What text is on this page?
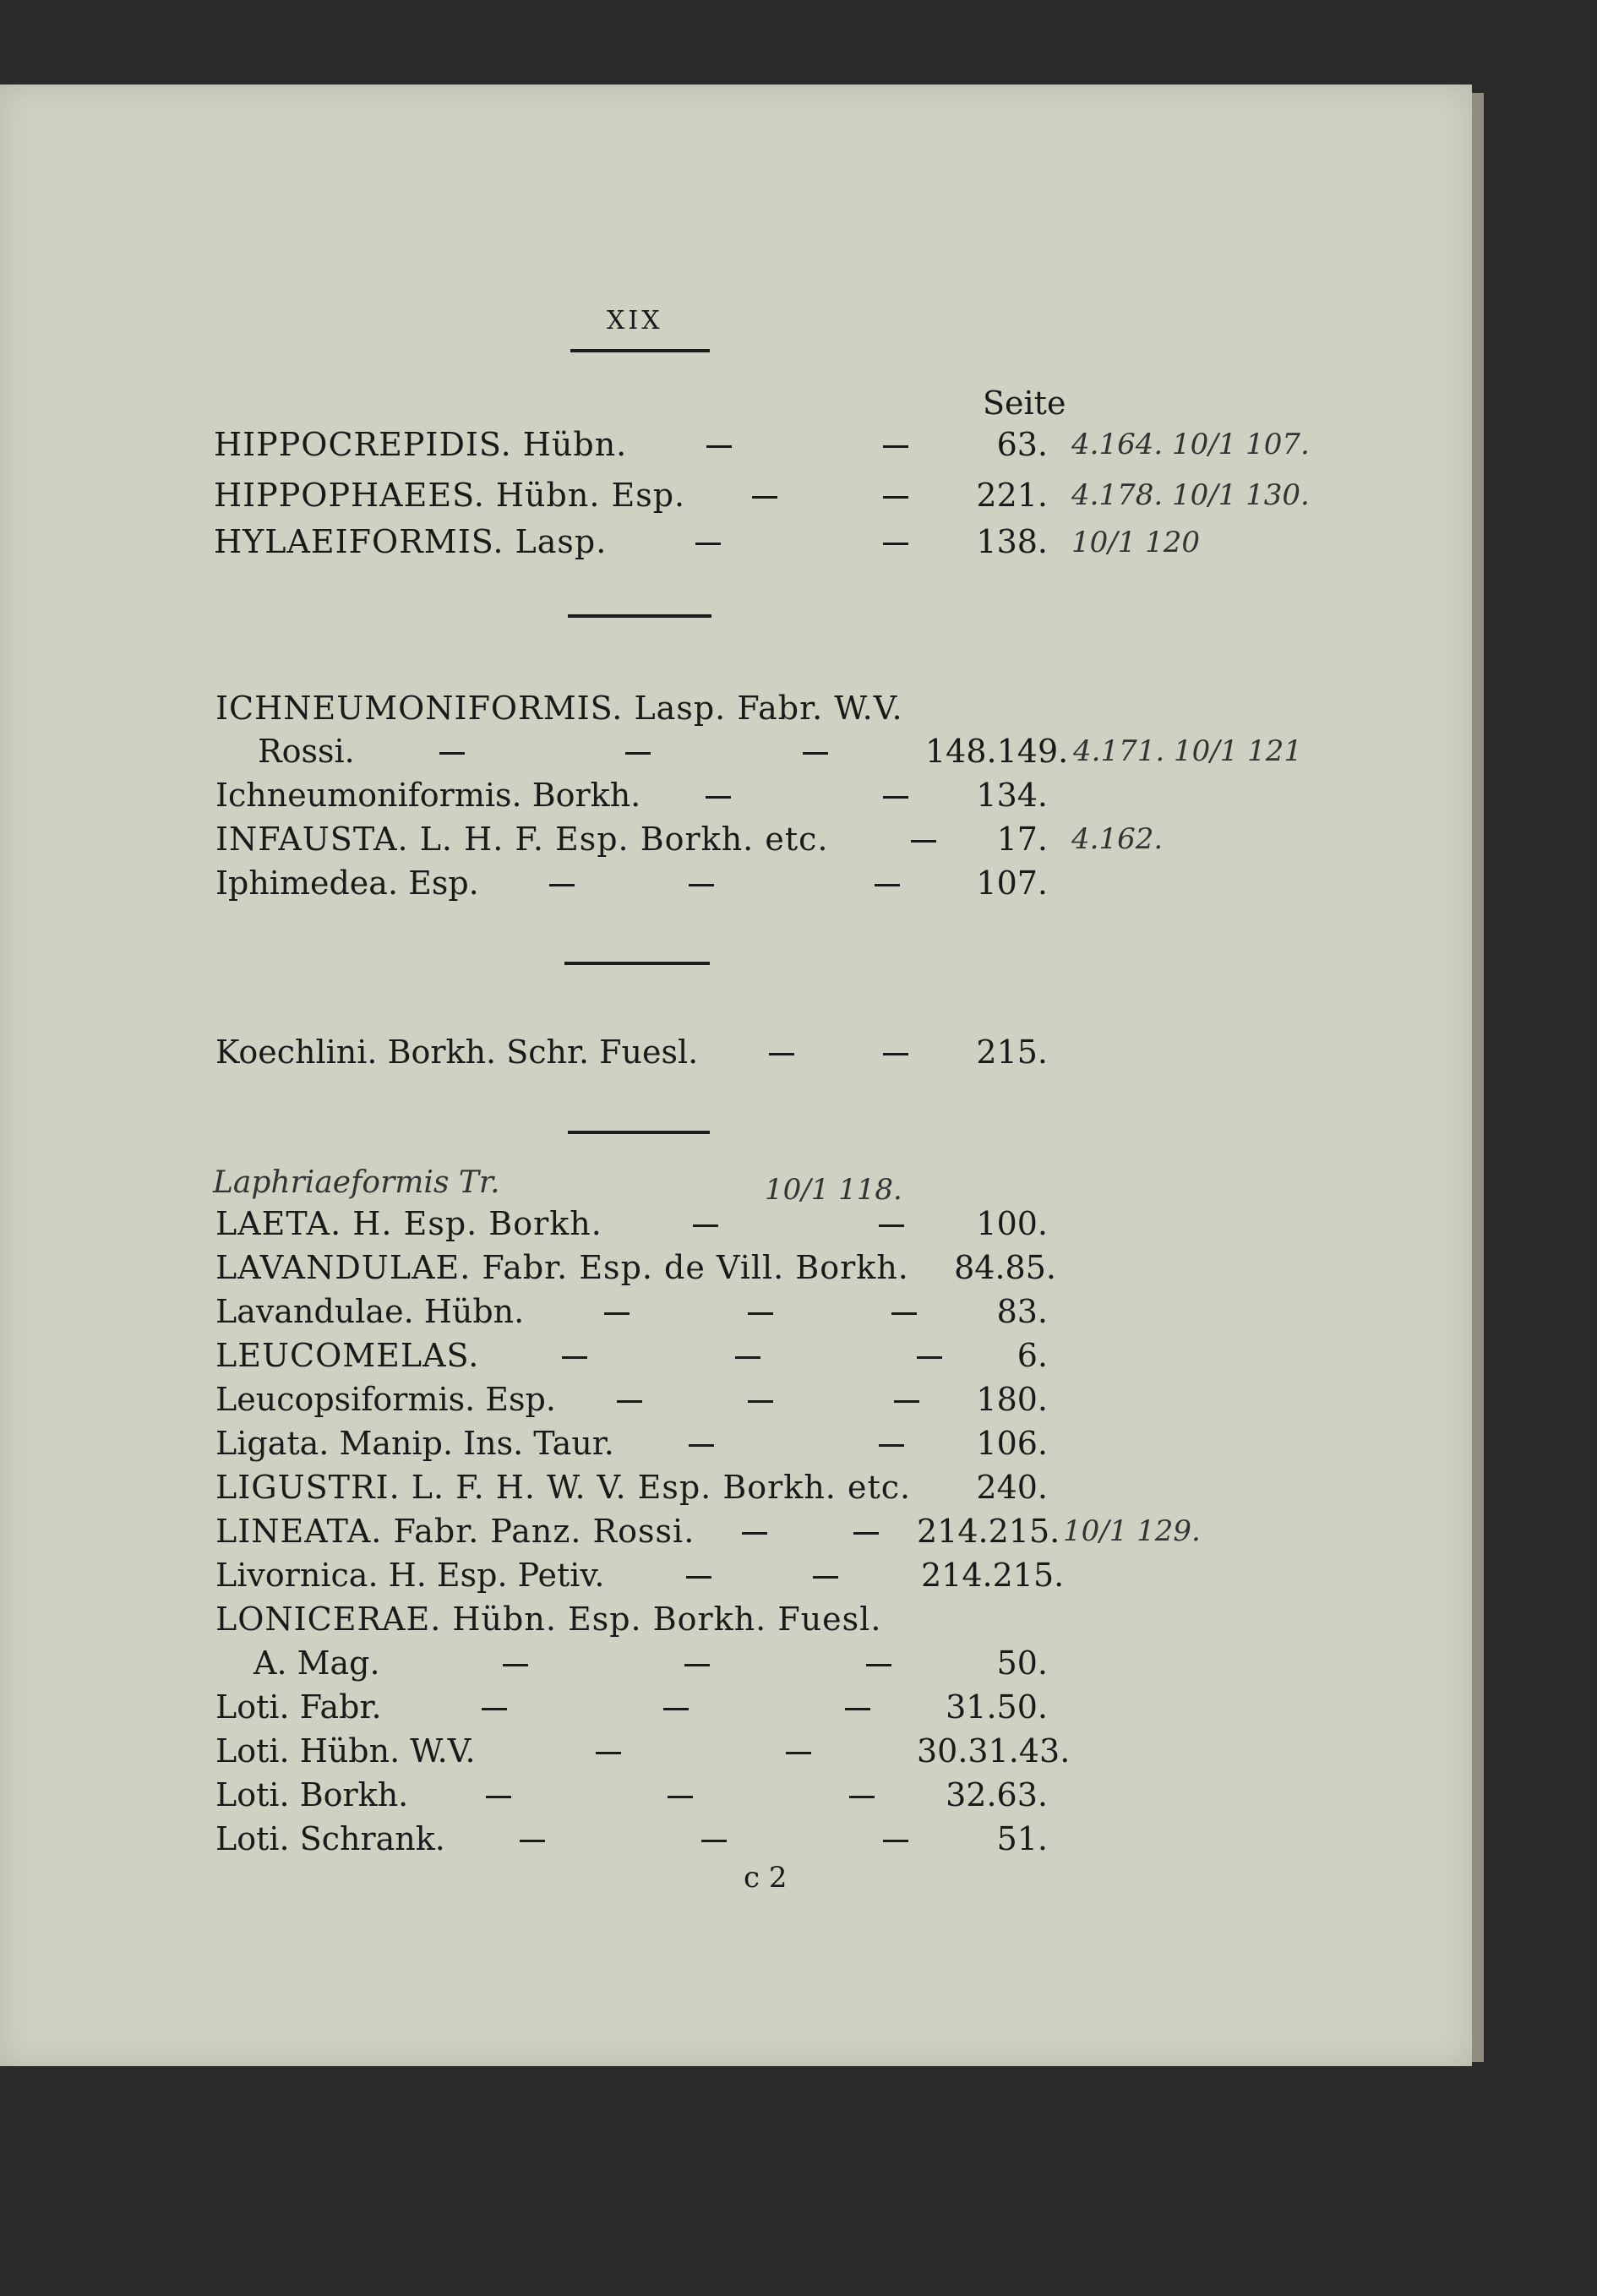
XIX
Seite
HIPPOCREPIDIS. Hübn.	63. 4.164. 10/1 107.
HIPPOPHAEES. Hübn. Esp.	221. 4.178. 10/1 130.
HYLAEIFORMIS. Lasp.	138. 10/1 120
ICHNEUMONIFORMIS. Lasp. Fabr. W.V.
Rossi.	148.149. 4.171. 10/1 121
Ichneumoniformis. Borkh.	134.
INFAUSTA. L. H. F. Esp. Borkh. etc.	17. 4.162.
Iphimedea. Esp.	107.
Koechlini. Borkh. Schr. Fuesl.	215.
Laphriaeformis Tr.	10/1 118.
LAETA. H. Esp. Borkh.	100.
LAVANDULAE. Fabr. Esp. de Vill. Borkh.	84.85.
Lavandulae. Hübn.	83.
LEUCOMELAS.	6.
Leucopsiformis. Esp.	180.
Ligata. Manip. Ins. Taur.	106.
LIGUSTRI. L. F. H. W. V. Esp. Borkh. etc.	240.
LINEATA. Fabr. Panz. Rossi.	214.215. 10/1 129.
Livornica. H. Esp. Petiv.	214.215.
LONICERAE. Hübn. Esp. Borkh. Fuesl.
A. Mag.	50.
Loti. Fabr.	31.50.
Loti. Hübn. W.V.	30.31.43.
Loti. Borkh.	32.63.
Loti. Schrank.	51.
c 2
